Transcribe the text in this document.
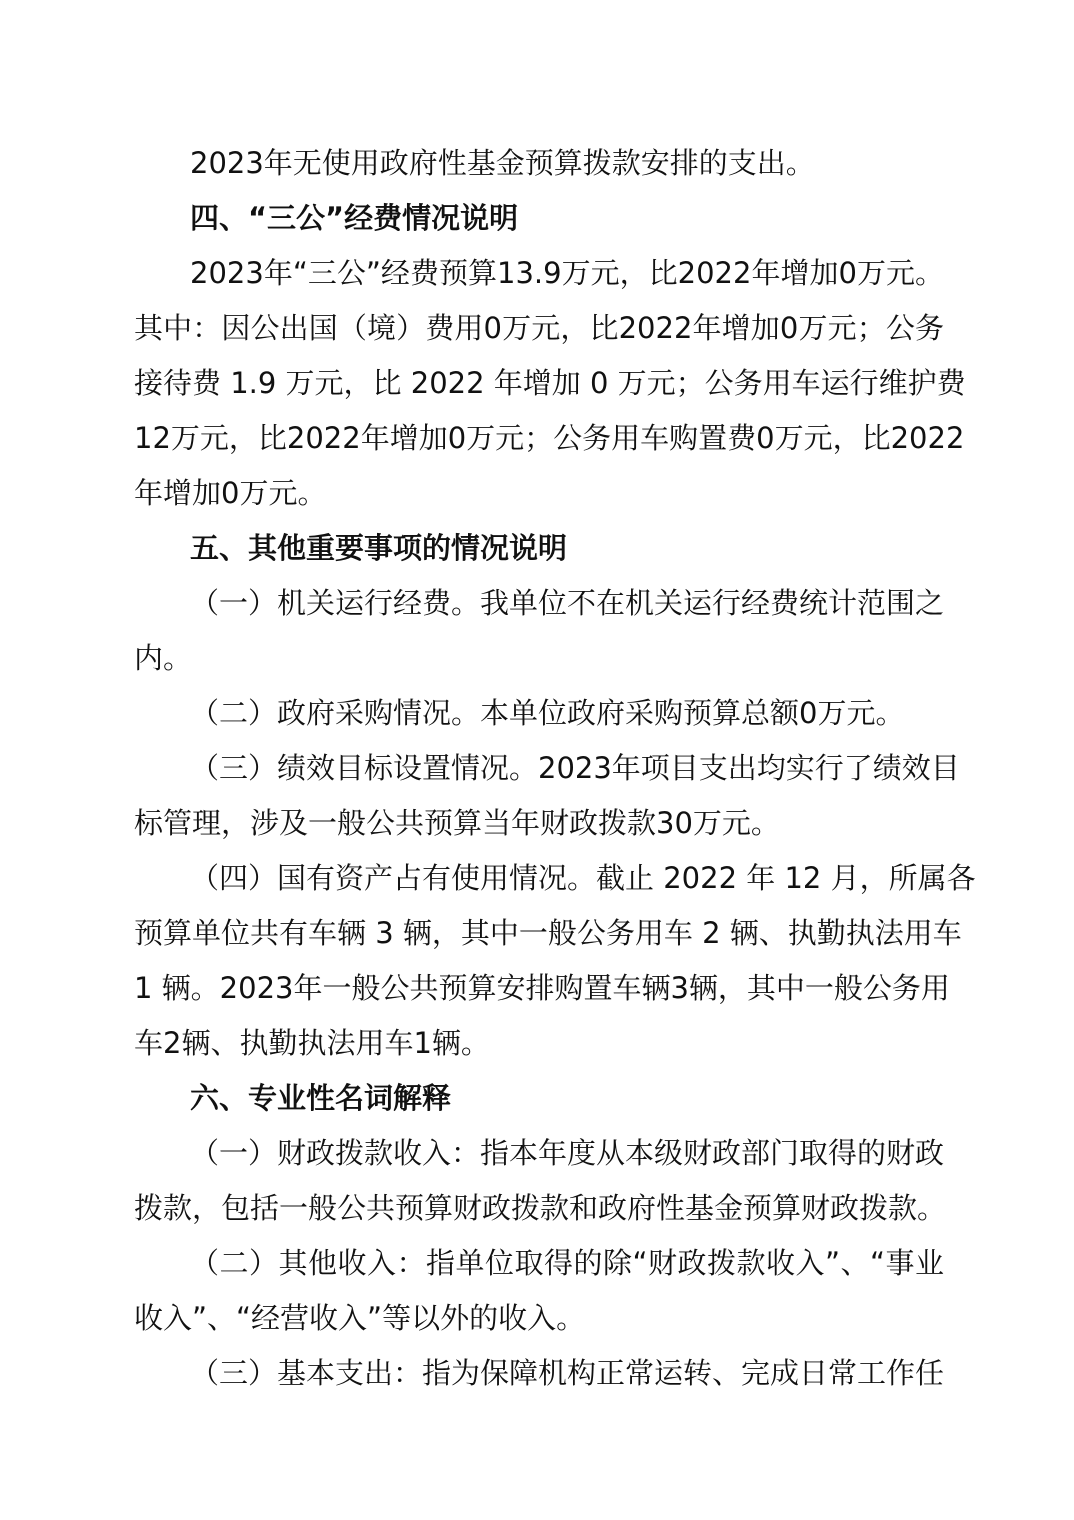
2023年无使用政府性基金预算拨款安排的支出。
四、“三公”经费情况说明
2023年“三公”经费预算13.9万元，比2022年增加0万元。
其中：因公出国（境）费用0万元，比2022年增加0万元；公务
接待费 1.9 万元，比 2022 年增加 0 万元；公务用车运行维护费
12万元，比2022年增加0万元；公务用车购置费0万元，比2022
年增加0万元。
五、其他重要事项的情况说明
（一）机关运行经费。我单位不在机关运行经费统计范围之
内。
（二）政府采购情况。本单位政府采购预算总额0万元。
（三）绩效目标设置情况。2023年项目支出均实行了绩效目
标管理，涉及一般公共预算当年财政拨款30万元。
（四）国有资产占有使用情况。截止 2022 年 12 月，所属各
预算单位共有车辆 3 辆，其中一般公务用车 2 辆、执勤执法用车
1 辆。2023年一般公共预算安排购置车辆3辆，其中一般公务用
车2辆、执勤执法用车1辆。
六、专业性名词解释
（一）财政拨款收入：指本年度从本级财政部门取得的财政
拨款，包括一般公共预算财政拨款和政府性基金预算财政拨款。
（二）其他收入：指单位取得的除“财政拨款收入”、“事业
收入”、“经营收入”等以外的收入。
（三）基本支出：指为保障机构正常运转、完成日常工作任
